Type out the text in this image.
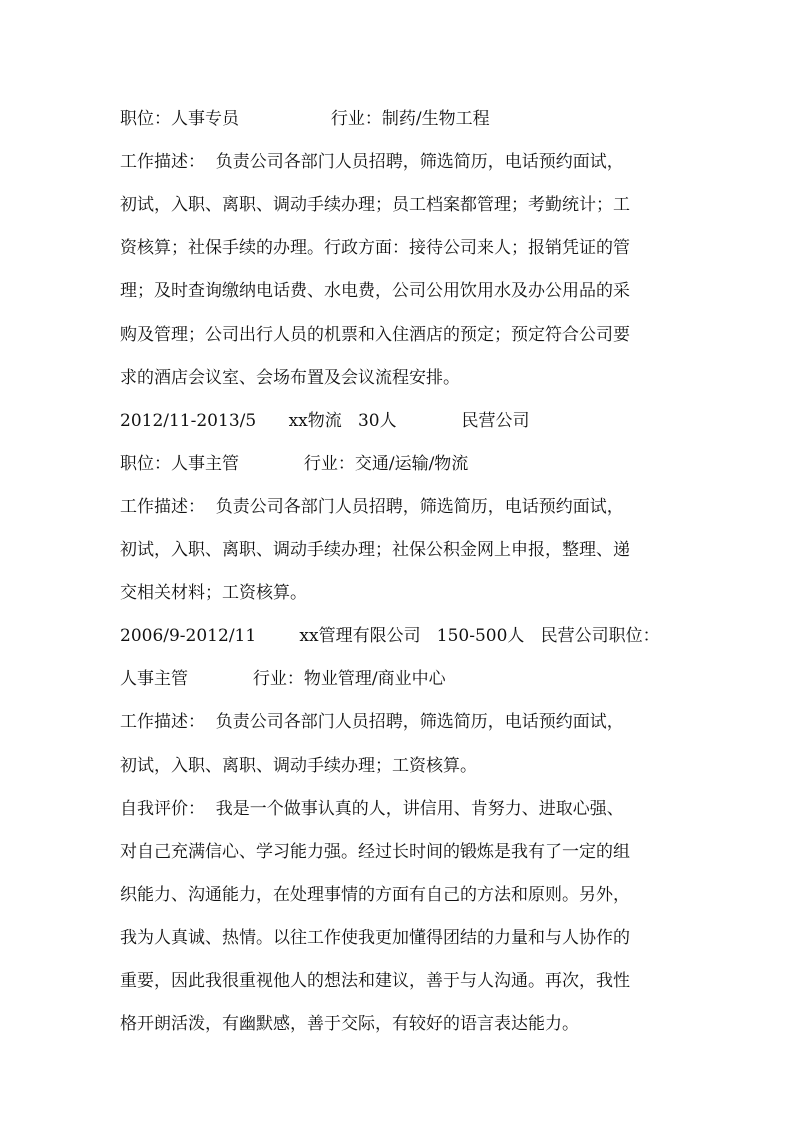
职位：人事专员                 行业：制药/生物工程
工作描述：  负责公司各部门人员招聘，筛选简历，电话预约面试，
初试，入职、离职、调动手续办理；员工档案都管理；考勤统计；工
资核算；社保手续的办理。行政方面：接待公司来人；报销凭证的管
理；及时查询缴纳电话费、水电费，公司公用饮用水及办公用品的采
购及管理；公司出行人员的机票和入住酒店的预定；预定符合公司要
求的酒店会议室、会场布置及会议流程安排。
2012/11-2013/5      xx物流   30人            民营公司
职位：人事主管            行业：交通/运输/物流
工作描述：  负责公司各部门人员招聘，筛选简历，电话预约面试，
初试，入职、离职、调动手续办理；社保公积金网上申报，整理、递
交相关材料；工资核算。
2006/9-2012/11        xx管理有限公司   150-500人   民营公司职位：
人事主管            行业：物业管理/商业中心
工作描述：  负责公司各部门人员招聘，筛选简历，电话预约面试，
初试，入职、离职、调动手续办理；工资核算。
自我评价：  我是一个做事认真的人，讲信用、肯努力、进取心强、
对自己充满信心、学习能力强。经过长时间的锻炼是我有了一定的组
织能力、沟通能力，在处理事情的方面有自己的方法和原则。另外，
我为人真诚、热情。以往工作使我更加懂得团结的力量和与人协作的
重要，因此我很重视他人的想法和建议，善于与人沟通。再次，我性
格开朗活泼，有幽默感，善于交际，有较好的语言表达能力。
